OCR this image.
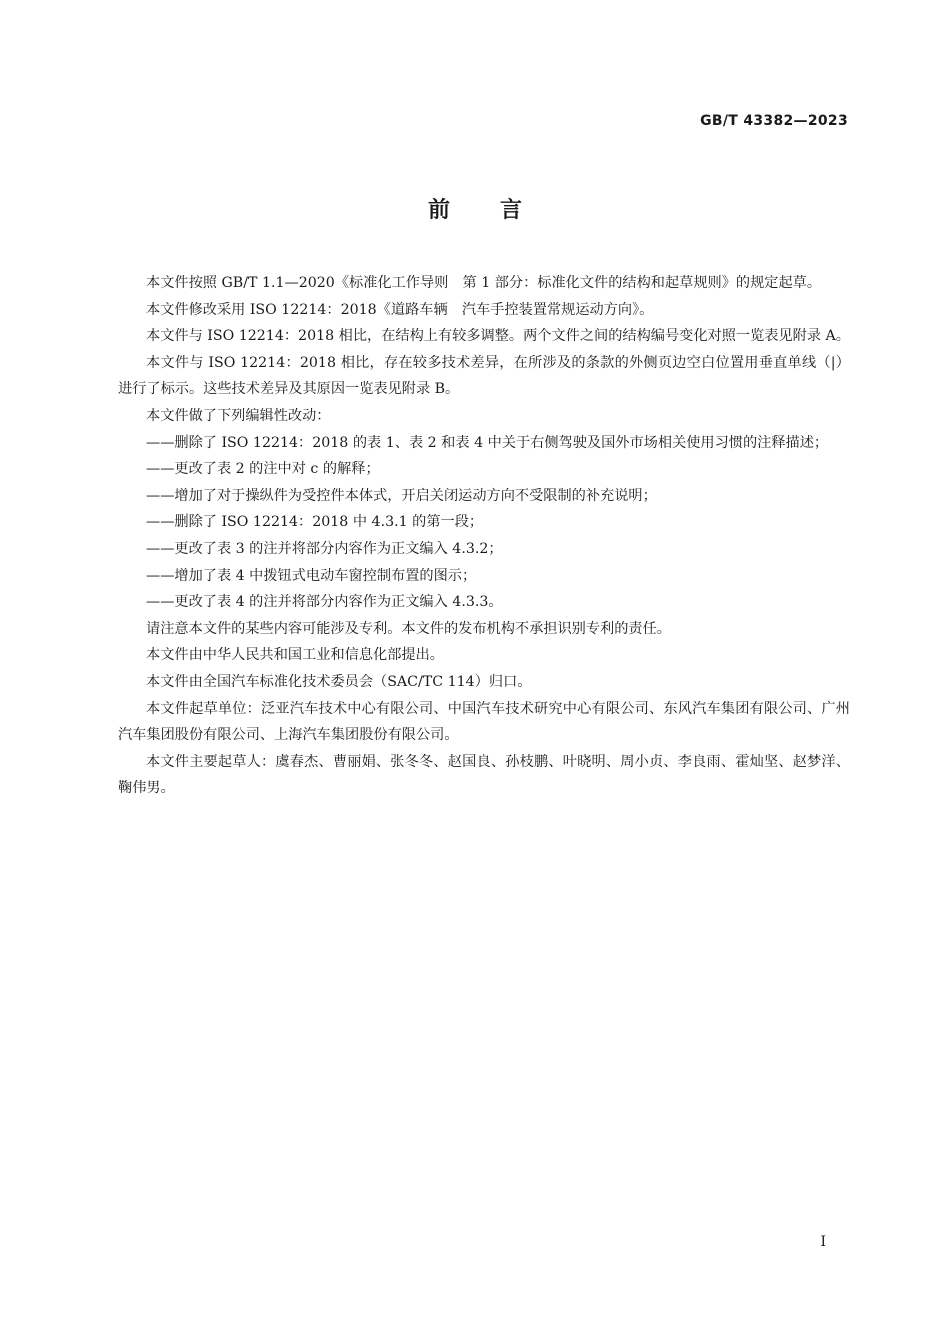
GB/T 43382—2023
前言

本文件按照 GB/T 1.1—2020《标准化工作导则　第 1 部分：标准化文件的结构和起草规则》的规定起草。

本文件修改采用 ISO 12214：2018《道路车辆　汽车手控装置常规运动方向》。

本文件与 ISO 12214：2018 相比，在结构上有较多调整。两个文件之间的结构编号变化对照一览表见附录 A。

本文件与 ISO 12214：2018 相比，存在较多技术差异，在所涉及的条款的外侧页边空白位置用垂直单线（|）进行了标示。这些技术差异及其原因一览表见附录 B。

本文件做了下列编辑性改动：

——删除了 ISO 12214：2018 的表 1、表 2 和表 4 中关于右侧驾驶及国外市场相关使用习惯的注释描述；

——更改了表 2 的注中对 c 的解释；

——增加了对于操纵件为受控件本体式，开启关闭运动方向不受限制的补充说明；

——删除了 ISO 12214：2018 中 4.3.1 的第一段；

——更改了表 3 的注并将部分内容作为正文编入 4.3.2；

——增加了表 4 中拨钮式电动车窗控制布置的图示；

——更改了表 4 的注并将部分内容作为正文编入 4.3.3。

请注意本文件的某些内容可能涉及专利。本文件的发布机构不承担识别专利的责任。

本文件由中华人民共和国工业和信息化部提出。

本文件由全国汽车标准化技术委员会（SAC/TC 114）归口。

本文件起草单位：泛亚汽车技术中心有限公司、中国汽车技术研究中心有限公司、东风汽车集团有限公司、广州汽车集团股份有限公司、上海汽车集团股份有限公司。

本文件主要起草人：虞春杰、曹丽娟、张冬冬、赵国良、孙枝鹏、叶晓明、周小贞、李良雨、霍灿坚、赵梦洋、鞠伟男。

I
